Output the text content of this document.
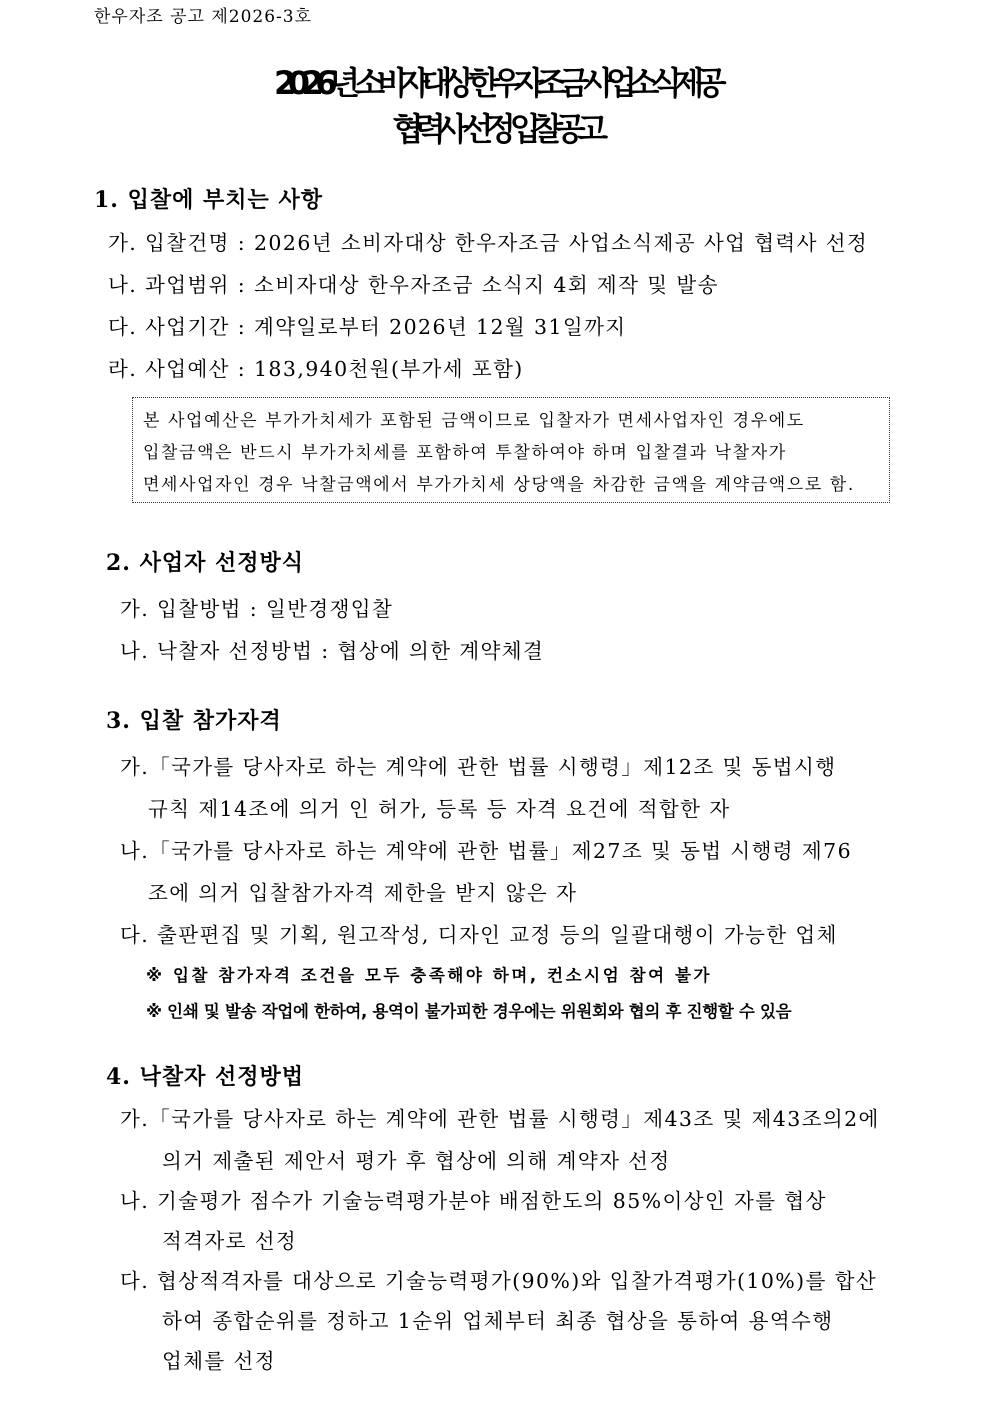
한우자조 공고 제2026-3호
2026년 소비자대상 한우자조금 사업소식제공
협력사 선정 입찰공고
1. 입찰에 부치는 사항
가. 입찰건명 : 2026년 소비자대상 한우자조금 사업소식제공 사업 협력사 선정
나. 과업범위 : 소비자대상 한우자조금 소식지 4회 제작 및 발송
다. 사업기간 : 계약일로부터 2026년 12월 31일까지
라. 사업예산 : 183,940천원(부가세 포함)
본 사업예산은 부가가치세가 포함된 금액이므로 입찰자가 면세사업자인 경우에도
입찰금액은 반드시 부가가치세를 포함하여 투찰하여야 하며 입찰결과 낙찰자가
면세사업자인 경우 낙찰금액에서 부가가치세 상당액을 차감한 금액을 계약금액으로 함.
2. 사업자 선정방식
가. 입찰방법 : 일반경쟁입찰
나. 낙찰자 선정방법 : 협상에 의한 계약체결
3. 입찰 참가자격
가.「국가를 당사자로 하는 계약에 관한 법률 시행령」제12조 및 동법시행
규칙 제14조에 의거 인 허가, 등록 등 자격 요건에 적합한 자
나.「국가를 당사자로 하는 계약에 관한 법률」제27조 및 동법 시행령 제76
조에 의거 입찰참가자격 제한을 받지 않은 자
다. 출판편집 및 기획, 원고작성, 디자인 교정 등의 일괄대행이 가능한 업체
※ 입찰 참가자격 조건을 모두 충족해야 하며, 컨소시엄 참여 불가
※ 인쇄 및 발송 작업에 한하여, 용역이 불가피한 경우에는 위원회와 협의 후 진행할 수 있음
4. 낙찰자 선정방법
가.「국가를 당사자로 하는 계약에 관한 법률 시행령」제43조 및 제43조의2에
의거 제출된 제안서 평가 후 협상에 의해 계약자 선정
나. 기술평가 점수가 기술능력평가분야 배점한도의 85%이상인 자를 협상
적격자로 선정
다. 협상적격자를 대상으로 기술능력평가(90%)와 입찰가격평가(10%)를 합산
하여 종합순위를 정하고 1순위 업체부터 최종 협상을 통하여 용역수행
업체를 선정
